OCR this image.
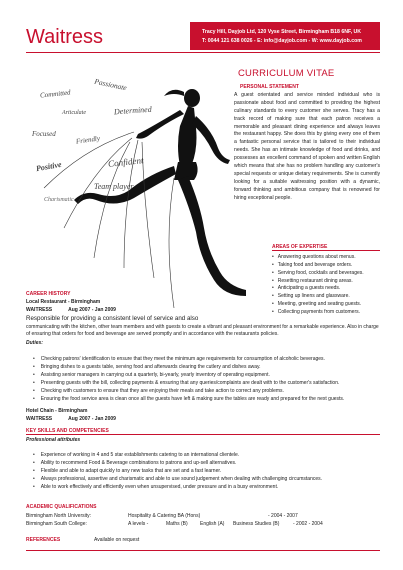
Waitress	Tracy Hill, Dayjob Ltd, 120 Vyse Street, Birmingham B18 6NF, UK
T: 0044 121 638 0026 - E: info@dayjob.com - W: www.dayjob.com
Passionate
Committed
Articulate	Determined
Focused
Friendly
Positive	Confident
Team player
Charismatic
CURRICULUM VITAE
PERSONAL STATEMENT
A guest orientated and service minded individual who is passionate about food and committed to providing the highest culinary standards to every customer she serves. Tracy has a track record of making sure that each patron receives a memorable and pleasant dining experience and always leaves the restaurant happy. She does this by giving every one of them a fantastic personal service that is tailored to their individual needs. She has an intimate knowledge of food and drinks, and possesses an excellent command of spoken and written English which means that she has no problem handling any customer's special requests or unique dietary requirements. She is currently looking for a suitable waitressing position with a dynamic, forward thinking and ambitious company that is renowned for hiring exceptional people.
AREAS OF EXPERTISE
• Answering questions about menus.
• Taking food and beverage orders.
• Serving food, cocktails and beverages.
• Resetting restaurant dining areas.
• Anticipating a guests needs.
• Setting up linens and glassware.
• Meeting, greeting and seating guests.
• Collecting payments from customers.
CAREER HISTORY
Local Restaurant - Birmingham
WAITRESS	Aug 2007 - Jan 2009
Responsible for providing a consistent level of service and also
communicating with the kitchen, other team members and with guests to create a vibrant and pleasant environment for a remarkable experience. Also in charge of ensuring that orders for food and beverage are served promptly and in accordance with the restaurants policies.
Duties:
• Checking patrons' identification to ensure that they meet the minimum age requirements for consumption of alcoholic beverages.
• Bringing dishes to a guests table, serving food and afterwards clearing the cutlery and dishes away.
• Assisting senior managers in carrying out a quarterly, bi-yearly, yearly inventory of operating equipment.
• Presenting guests with the bill, collecting payments & ensuring that any queries/complaints are dealt with to the customer's satisfaction.
• Checking with customers to ensure that they are enjoying their meals and take action to correct any problems.
• Ensuring the food service area is clean once all the guests have left & making sure the tables are ready and prepared for the next guests.
Hotel Chain - Birmingham
WAITRESS	Aug 2007 - Jan 2009
KEY SKILLS AND COMPETENCIES
Professional attributes
• Experience of working in 4 and 5 star establishments catering to an international clientele.
• Ability to recommend Food & Beverage combinations to patrons and up-sell alternatives.
• Flexible and able to adapt quickly to any new tasks that are set and a fast learner.
• Always professional, assertive and charismatic and able to use sound judgement when dealing with challenging circumstances.
• Able to work effectively and efficiently even when unsupervised, under pressure and in a busy environment.
ACADEMIC QUALIFICATIONS
Birmingham North University:	Hospitality & Catering BA (Hons)	- 2004 - 2007
Birmingham South College:	A levels -	Maths (B)	English (A)	Business Studies (B)	- 2002 - 2004
REFERENCES	Available on request
